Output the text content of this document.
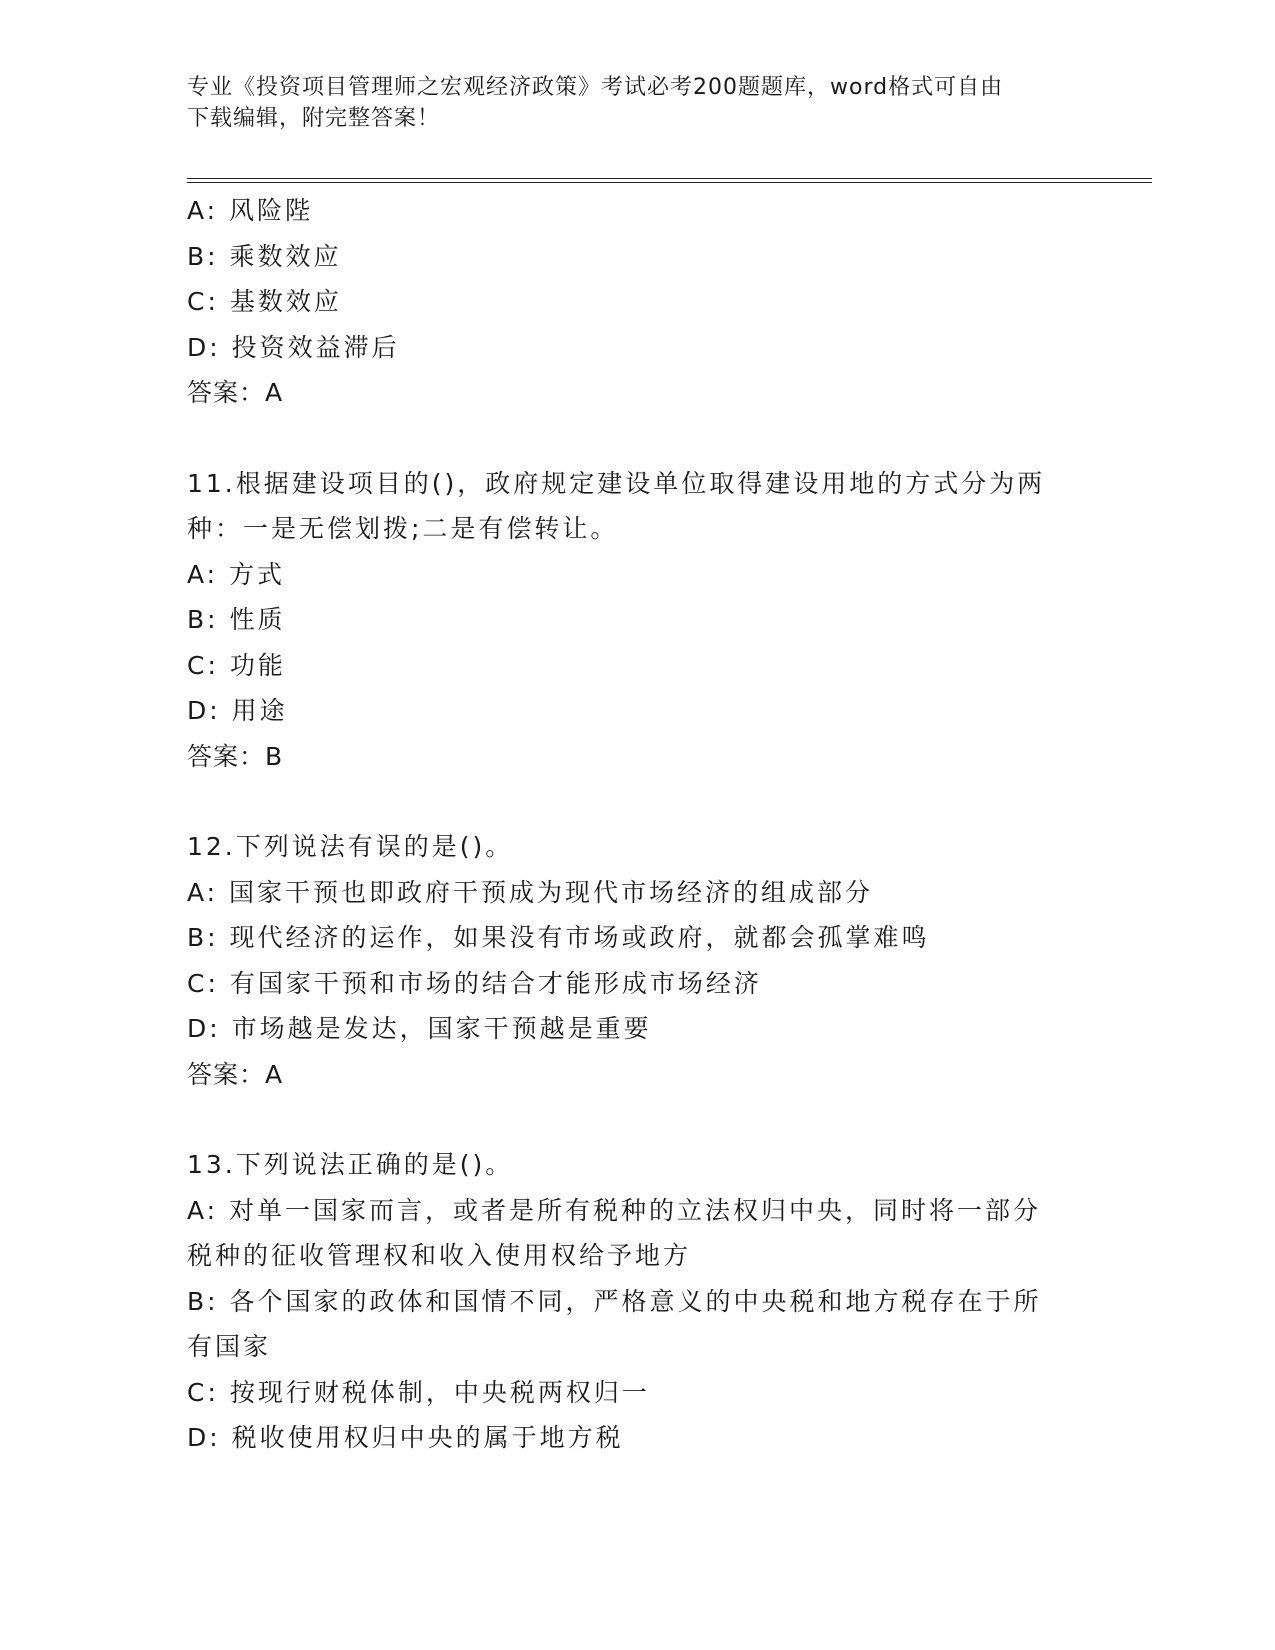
专业《投资项目管理师之宏观经济政策》考试必考200题题库，word格式可自由
下载编辑，附完整答案！
A: 风险陛
B: 乘数效应
C: 基数效应
D: 投资效益滞后
答案：A
11.根据建设项目的()，政府规定建设单位取得建设用地的方式分为两
种：一是无偿划拨;二是有偿转让。
A: 方式
B: 性质
C: 功能
D: 用途
答案：B
12.下列说法有误的是()。
A: 国家干预也即政府干预成为现代市场经济的组成部分
B: 现代经济的运作，如果没有市场或政府，就都会孤掌难鸣
C: 有国家干预和市场的结合才能形成市场经济
D: 市场越是发达，国家干预越是重要
答案：A
13.下列说法正确的是()。
A: 对单一国家而言，或者是所有税种的立法权归中央，同时将一部分
税种的征收管理权和收入使用权给予地方
B: 各个国家的政体和国情不同，严格意义的中央税和地方税存在于所
有国家
C: 按现行财税体制，中央税两权归一
D: 税收使用权归中央的属于地方税
